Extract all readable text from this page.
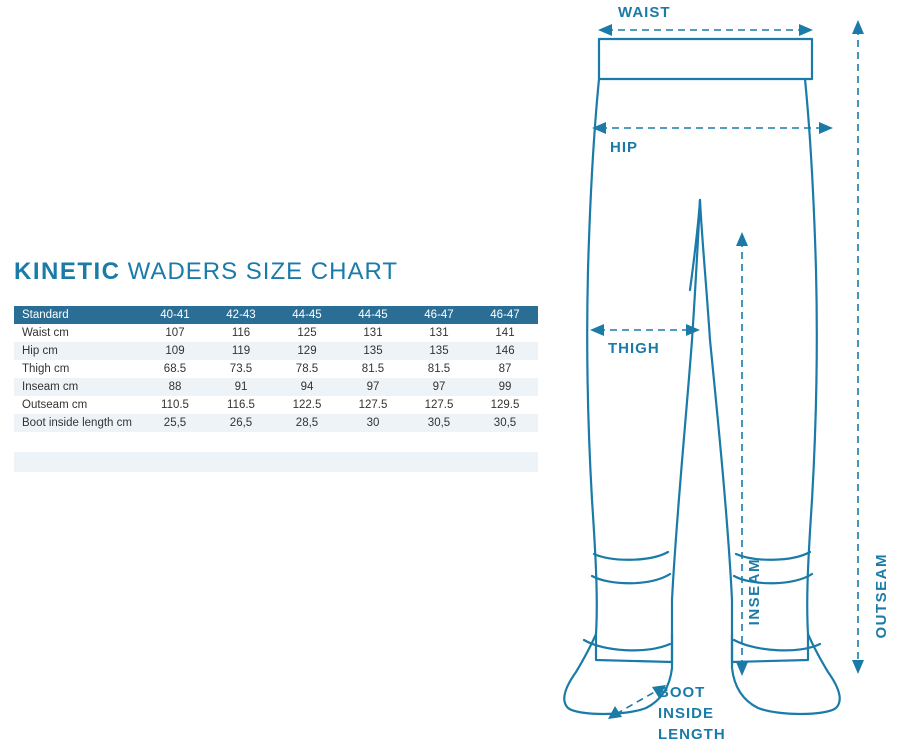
KINETIC WADERS SIZE CHART
Standard	40-41	42-43	44-45	44-45	46-47	46-47
Waist cm	107	116	125	131	131	141
Hip cm	109	119	129	135	135	146
Thigh cm	68.5	73.5	78.5	81.5	81.5	87
Inseam cm	88	91	94	97	97	99
Outseam cm	110.5	116.5	122.5	127.5	127.5	129.5
Boot inside length cm	25,5	26,5	28,5	30	30,5	30,5

WAIST
HIP
THIGH
INSEAM	OUTSEAM
BOOT
INSIDE
LENGTH
